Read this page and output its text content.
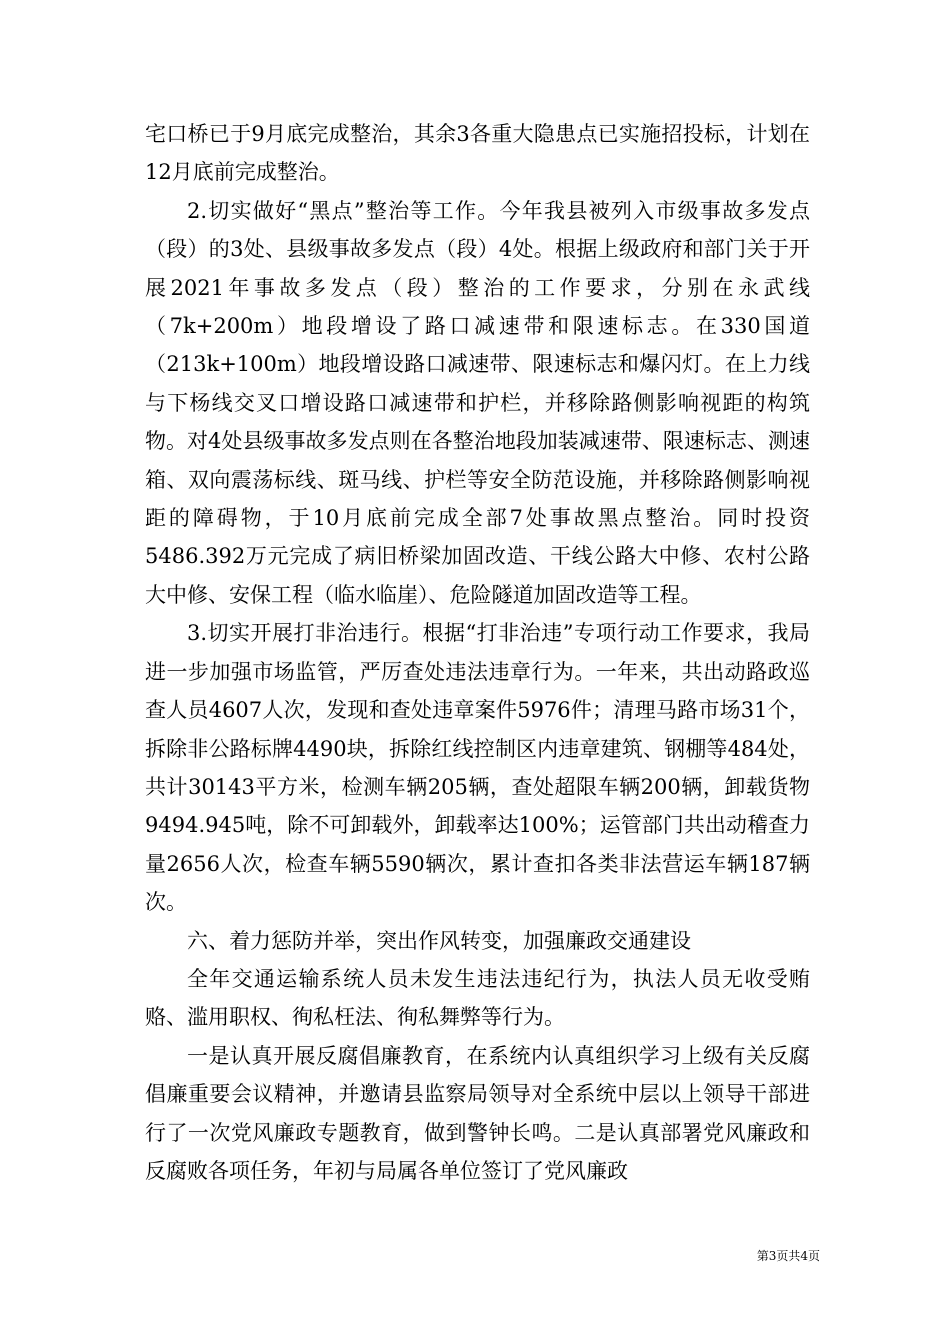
宅口桥已于9月底完成整治，其余3各重大隐患点已实施招投标，计划在12月底前完成整治。

2.切实做好“黑点”整治等工作。今年我县被列入市级事故多发点（段）的3处、县级事故多发点（段）4处。根据上级政府和部门关于开展2021年事故多发点（段）整治的工作要求，分别在永武线（7k+200m）地段增设了路口减速带和限速标志。在330国道（213k+100m）地段增设路口减速带、限速标志和爆闪灯。在上力线与下杨线交叉口增设路口减速带和护栏，并移除路侧影响视距的构筑物。对4处县级事故多发点则在各整治地段加装减速带、限速标志、测速箱、双向震荡标线、斑马线、护栏等安全防范设施，并移除路侧影响视距的障碍物，于10月底前完成全部7处事故黑点整治。同时投资5486.392万元完成了病旧桥梁加固改造、干线公路大中修、农村公路大中修、安保工程（临水临崖）、危险隧道加固改造等工程。

3.切实开展打非治违行。根据“打非治违”专项行动工作要求，我局进一步加强市场监管，严厉查处违法违章行为。一年来，共出动路政巡查人员4607人次，发现和查处违章案件5976件；清理马路市场31个，拆除非公路标牌4490块，拆除红线控制区内违章建筑、钢棚等484处，共计30143平方米，检测车辆205辆，查处超限车辆200辆，卸载货物9494.945吨，除不可卸载外，卸载率达100%；运管部门共出动稽查力量2656人次，检查车辆5590辆次，累计查扣各类非法营运车辆187辆次。

六、着力惩防并举，突出作风转变，加强廉政交通建设

全年交通运输系统人员未发生违法违纪行为，执法人员无收受贿赂、滥用职权、徇私枉法、徇私舞弊等行为。

一是认真开展反腐倡廉教育，在系统内认真组织学习上级有关反腐倡廉重要会议精神，并邀请县监察局领导对全系统中层以上领导干部进行了一次党风廉政专题教育，做到警钟长鸣。二是认真部署党风廉政和反腐败各项任务，年初与局属各单位签订了党风廉政

第3页共4页
